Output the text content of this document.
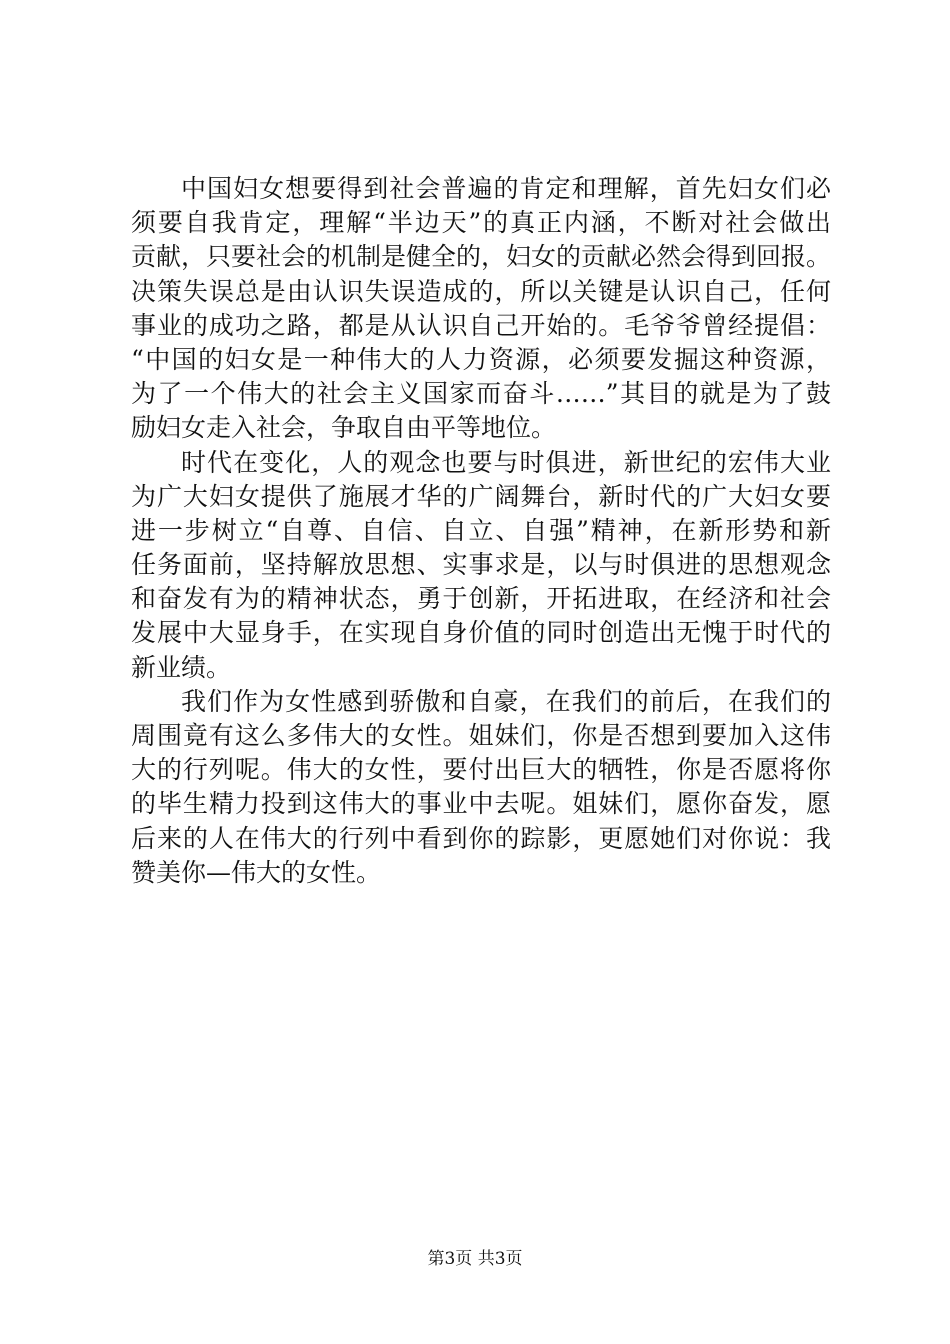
中国妇女想要得到社会普遍的肯定和理解，首先妇女们必
须要自我肯定，理解“半边天”的真正内涵，不断对社会做出
贡献，只要社会的机制是健全的，妇女的贡献必然会得到回报。
决策失误总是由认识失误造成的，所以关键是认识自己，任何
事业的成功之路，都是从认识自己开始的。毛爷爷曾经提倡：
“中国的妇女是一种伟大的人力资源，必须要发掘这种资源，
为了一个伟大的社会主义国家而奋斗……”其目的就是为了鼓
励妇女走入社会，争取自由平等地位。
时代在变化，人的观念也要与时俱进，新世纪的宏伟大业
为广大妇女提供了施展才华的广阔舞台，新时代的广大妇女要
进一步树立“自尊、自信、自立、自强”精神，在新形势和新
任务面前，坚持解放思想、实事求是，以与时俱进的思想观念
和奋发有为的精神状态，勇于创新，开拓进取，在经济和社会
发展中大显身手，在实现自身价值的同时创造出无愧于时代的
新业绩。
我们作为女性感到骄傲和自豪，在我们的前后，在我们的
周围竟有这么多伟大的女性。姐妹们，你是否想到要加入这伟
大的行列呢。伟大的女性，要付出巨大的牺牲，你是否愿将你
的毕生精力投到这伟大的事业中去呢。姐妹们，愿你奋发，愿
后来的人在伟大的行列中看到你的踪影，更愿她们对你说：我
赞美你—伟大的女性。
第3页 共3页
